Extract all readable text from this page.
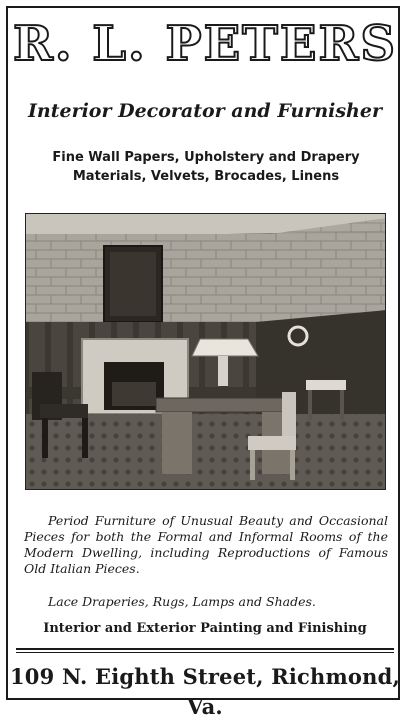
R. L. PETERS
Interior Decorator and Furnisher
Fine Wall Papers, Upholstery and Drapery Materials, Velvets, Brocades, Linens
Period Furniture of Unusual Beauty and Occasional Pieces for both the Formal and Informal Rooms of the Modern Dwelling, including Reproductions of Famous Old Italian Pieces.
Lace Draperies, Rugs, Lamps and Shades.
Interior and Exterior Painting and Finishing
109 N. Eighth Street, Richmond, Va.
